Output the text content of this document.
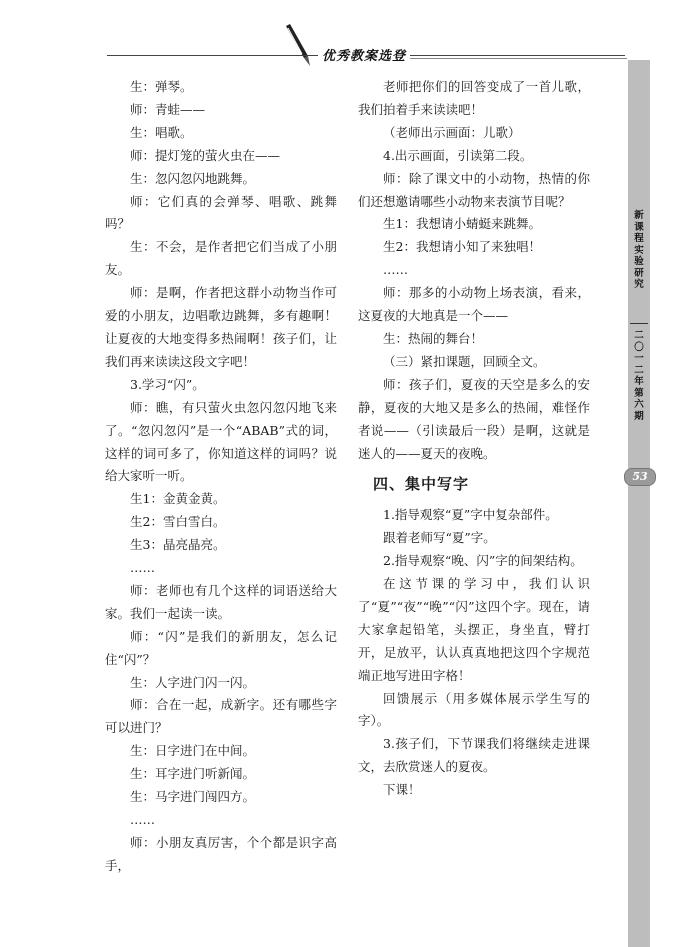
优秀教案选登

生：弹琴。

师：青蛙——

生：唱歌。

师：提灯笼的萤火虫在——

生：忽闪忽闪地跳舞。

师：它们真的会弹琴、唱歌、跳舞吗？

生：不会，是作者把它们当成了小朋友。

师：是啊，作者把这群小动物当作可爱的小朋友，边唱歌边跳舞，多有趣啊！让夏夜的大地变得多热闹啊！孩子们，让我们再来读读这段文字吧！

3.学习“闪”。

师：瞧，有只萤火虫忽闪忽闪地飞来了。“忽闪忽闪”是一个“ABAB”式的词，这样的词可多了，你知道这样的词吗？说给大家听一听。

生1：金黄金黄。

生2：雪白雪白。

生3：晶亮晶亮。

……

师：老师也有几个这样的词语送给大家。我们一起读一读。

师：“闪”是我们的新朋友，怎么记住“闪”？

生：人字进门闪一闪。

师：合在一起，成新字。还有哪些字可以进门？

生：日字进门在中间。

生：耳字进门听新闻。

生：马字进门闯四方。

……

师：小朋友真厉害，个个都是识字高手，

老师把你们的回答变成了一首儿歌，我们拍着手来读读吧！

（老师出示画面：儿歌）

4.出示画面，引读第二段。

师：除了课文中的小动物，热情的你们还想邀请哪些小动物来表演节目呢？

生1：我想请小蜻蜓来跳舞。

生2：我想请小知了来独唱！

……

师：那多的小动物上场表演，看来，这夏夜的大地真是一个——

生：热闹的舞台！

（三）紧扣课题，回顾全文。

师：孩子们，夏夜的天空是多么的安静，夏夜的大地又是多么的热闹，难怪作者说——（引读最后一段）是啊，这就是迷人的——夏天的夜晚。

四、集中写字

1.指导观察“夏”字中复杂部件。

跟着老师写“夏”字。

2.指导观察“晚、闪”字的间架结构。

在这节课的学习中，我们认识了“夏”“夜”“晚”“闪”这四个字。现在，请大家拿起铅笔，头摆正，身坐直，臂打开，足放平，认认真真地把这四个字规范端正地写进田字格！

回馈展示（用多媒体展示学生写的字）。

3.孩子们，下节课我们将继续走进课文，去欣赏迷人的夏夜。

下课！

新课程实验研究
二〇一二年第六期
53
